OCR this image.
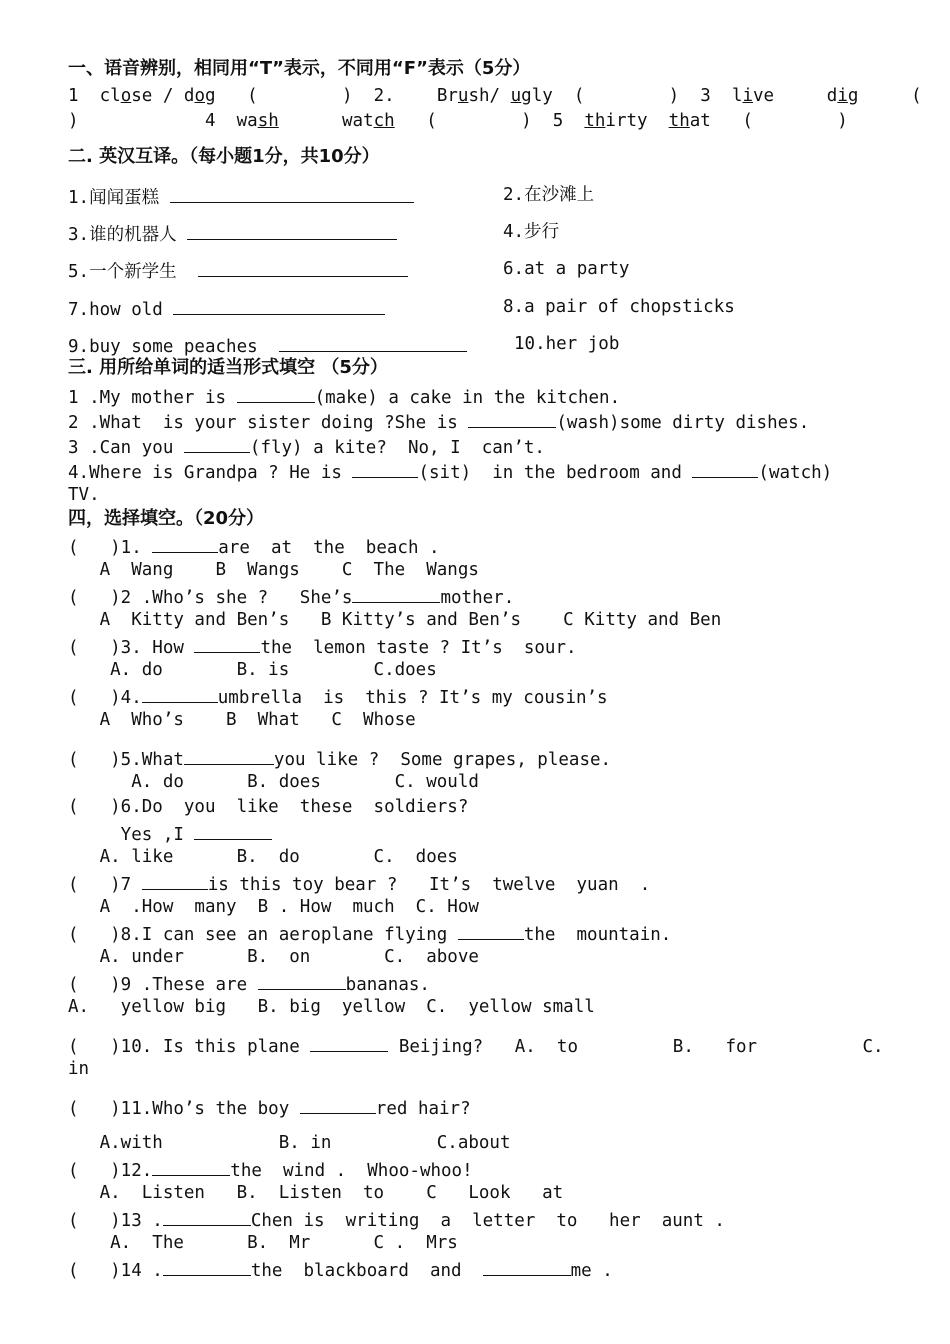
一、语音辨别，相同用“T”表示，不同用“F”表示（5分）
1 close / dog (        ) 2. Brush/ ugly (        ) 3 live	dig	(
)	4 wash	watch (        ) 5 thirty that (        )
二. 英汉互译。（每小题1分，共10分）
1.闻闻蛋糕	2.在沙滩上
3.谁的机器人	4.步行
5.一个新学生	6.at a party
7.how old	8.a pair of chopsticks
9.buy some peaches	10.her job
三. 用所给单词的适当形式填空 （5分）
1 .My mother is	(make) a cake in the kitchen.
2 .What  is your sister doing ?She is	(wash)some dirty dishes.
3 .Can you	(fly) a kite?  No, I  can’t.
4.Where is Grandpa ? He is	(sit)  in the bedroom and	(watch)
TV.
四，选择填空。（20分）
(   )1.	are  at  the  beach .
A  Wang    B  Wangs    C  The  Wangs
(   )2 .Who’s she ?   She’s	mother.
A  Kitty and Ben’s   B Kitty’s and Ben’s    C Kitty and Ben
(   )3. How	the  lemon taste ? It’s  sour.
A. do       B. is        C.does
(   )4.	umbrella  is  this ? It’s my cousin’s
A  Who’s    B  What   C  Whose
(   )5.What	you like ?  Some grapes, please.
A. do      B. does       C. would
(   )6.Do  you  like  these  soldiers?
Yes ,I
A. like      B.  do       C.  does
(   )7	is this toy bear ?   It’s  twelve  yuan  .
A  .How  many  B . How  much  C. How
(   )8.I can see an aeroplane flying	the  mountain.
A. under      B.  on       C.  above
(   )9 .These are	bananas.
A.   yellow big   B. big  yellow  C.  yellow small
(   )10. Is this plane	Beijing?   A.  to         B.   for          C.
in
(   )11.Who’s the boy	red hair?
A.with           B. in          C.about
(   )12.	the  wind .  Whoo-whoo!
A.  Listen   B.  Listen  to    C   Look   at
(   )13 .	Chen is  writing  a  letter  to   her  aunt .
A.  The      B.  Mr      C .  Mrs
(   )14 .	the  blackboard  and	me .
